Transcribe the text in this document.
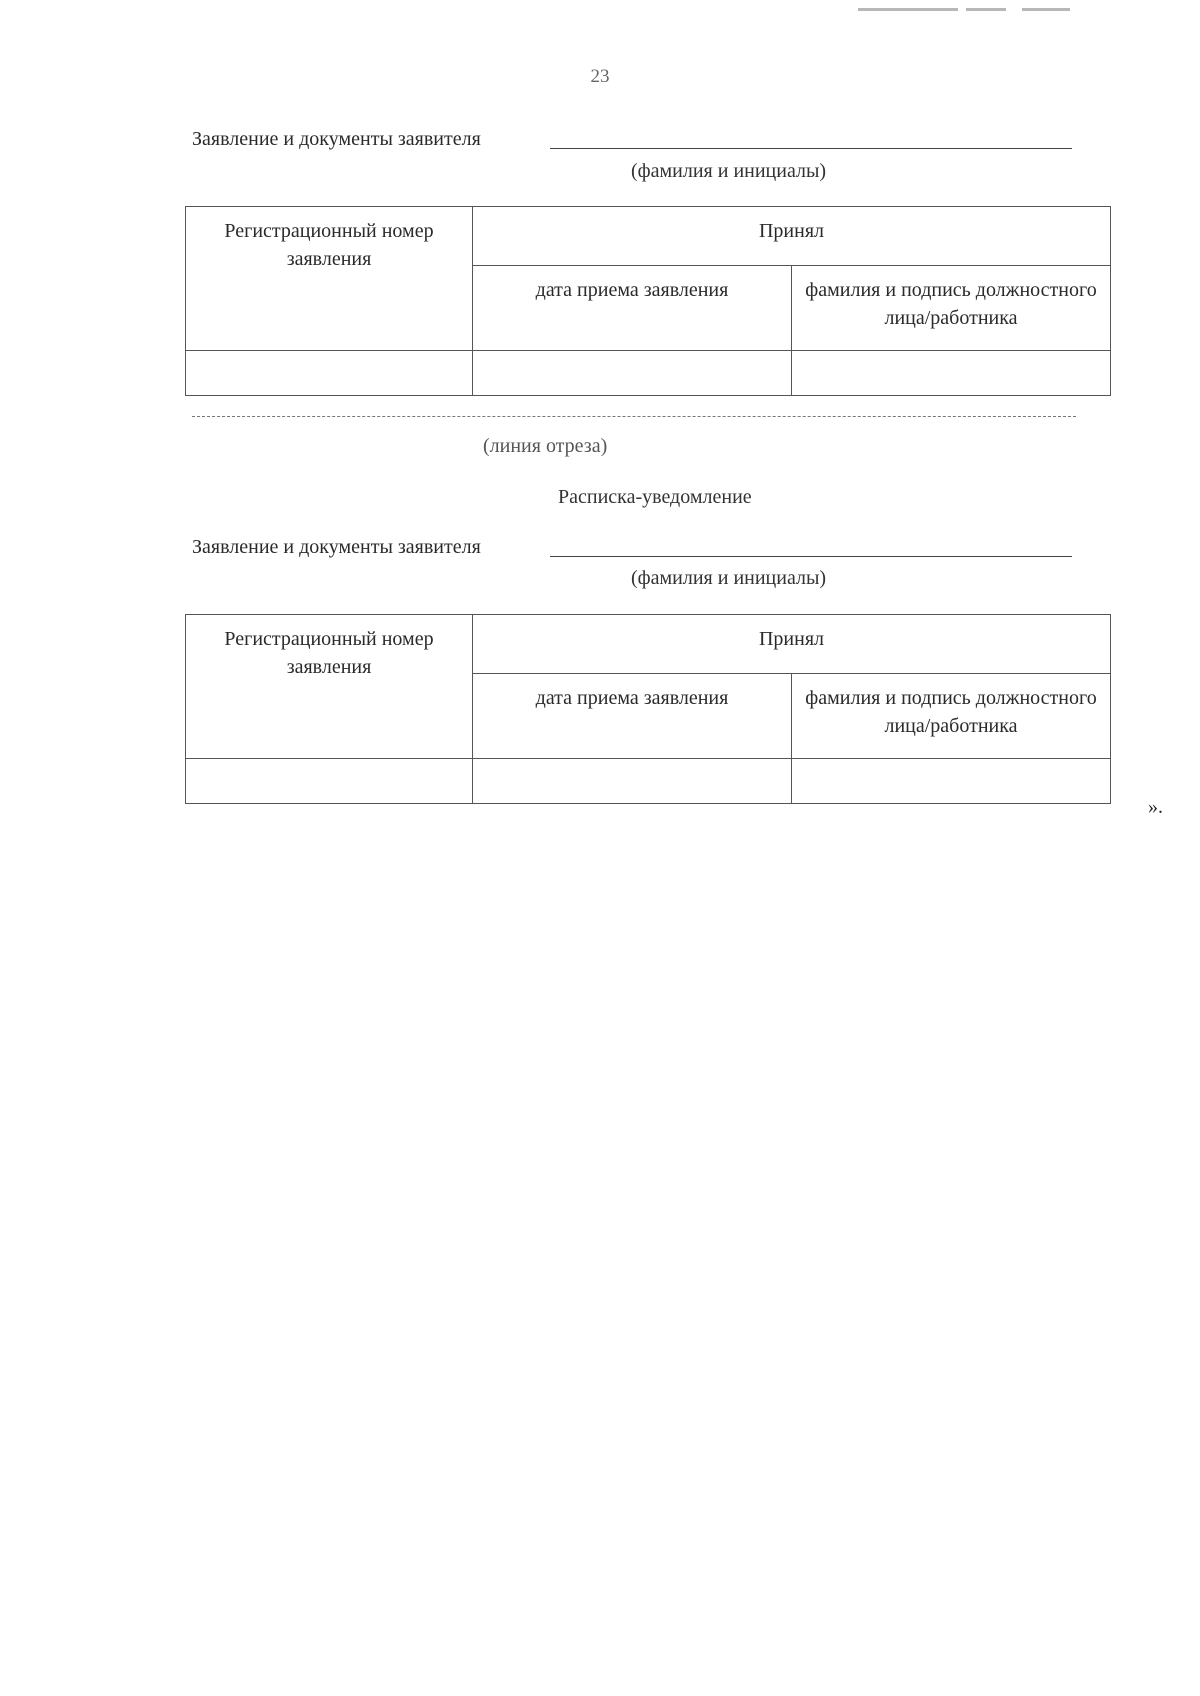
23
Заявление и документы заявителя
(фамилия и инициалы)
Регистрационный номер заявления	Принял	
	дата приема заявления	фамилия и подпись должностного лица/работника

(линия отреза)
Расписка-уведомление
Заявление и документы заявителя
(фамилия и инициалы)
Регистрационный номер заявления	Принял	
	дата приема заявления	фамилия и подпись должностного лица/работника

».
